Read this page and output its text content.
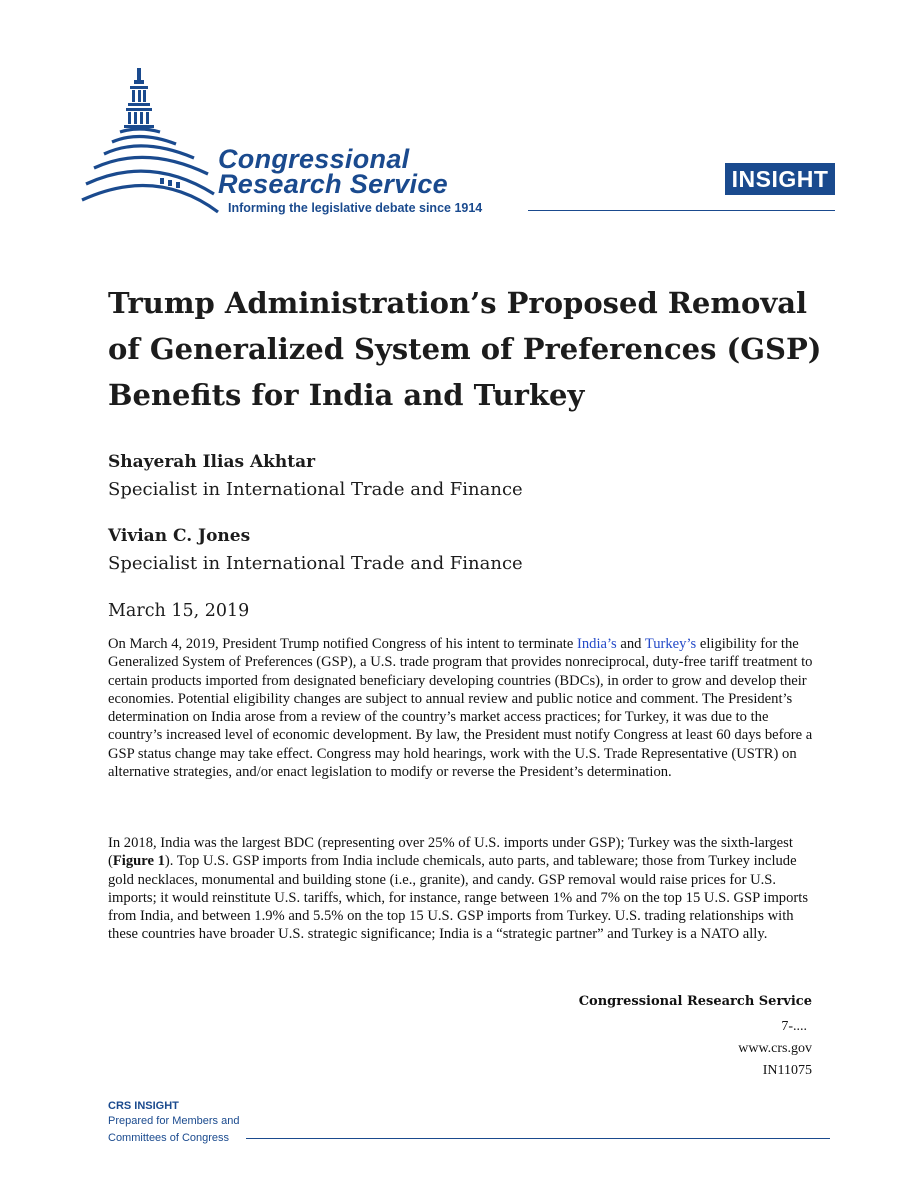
Congressional
Research Service
Informing the legislative debate since 1914
INSIGHT
Trump Administration’s Proposed Removal of Generalized System of Preferences (GSP) Benefits for India and Turkey
Shayerah Ilias Akhtar
Specialist in International Trade and Finance
Vivian C. Jones
Specialist in International Trade and Finance
March 15, 2019

On March 4, 2019, President Trump notified Congress of his intent to terminate India’s and Turkey’s eligibility for the Generalized System of Preferences (GSP), a U.S. trade program that provides nonreciprocal, duty-free tariff treatment to certain products imported from designated beneficiary developing countries (BDCs), in order to grow and develop their economies. Potential eligibility changes are subject to annual review and public notice and comment. The President’s determination on India arose from a review of the country’s market access practices; for Turkey, it was due to the country’s increased level of economic development. By law, the President must notify Congress at least 60 days before a GSP status change may take effect. Congress may hold hearings, work with the U.S. Trade Representative (USTR) on alternative strategies, and/or enact legislation to modify or reverse the President’s determination.

In 2018, India was the largest BDC (representing over 25% of U.S. imports under GSP); Turkey was the sixth-largest (Figure 1). Top U.S. GSP imports from India include chemicals, auto parts, and tableware; those from Turkey include gold necklaces, monumental and building stone (i.e., granite), and candy. GSP removal would raise prices for U.S. imports; it would reinstitute U.S. tariffs, which, for instance, range between 1% and 7% on the top 15 U.S. GSP imports from India, and between 1.9% and 5.5% on the top 15 U.S. GSP imports from Turkey. U.S. trading relationships with these countries have broader U.S. strategic significance; India is a “strategic partner” and Turkey is a NATO ally.

Congressional Research Service
7-....
www.crs.gov
IN11075
CRS INSIGHT
Prepared for Members and
Committees of Congress
